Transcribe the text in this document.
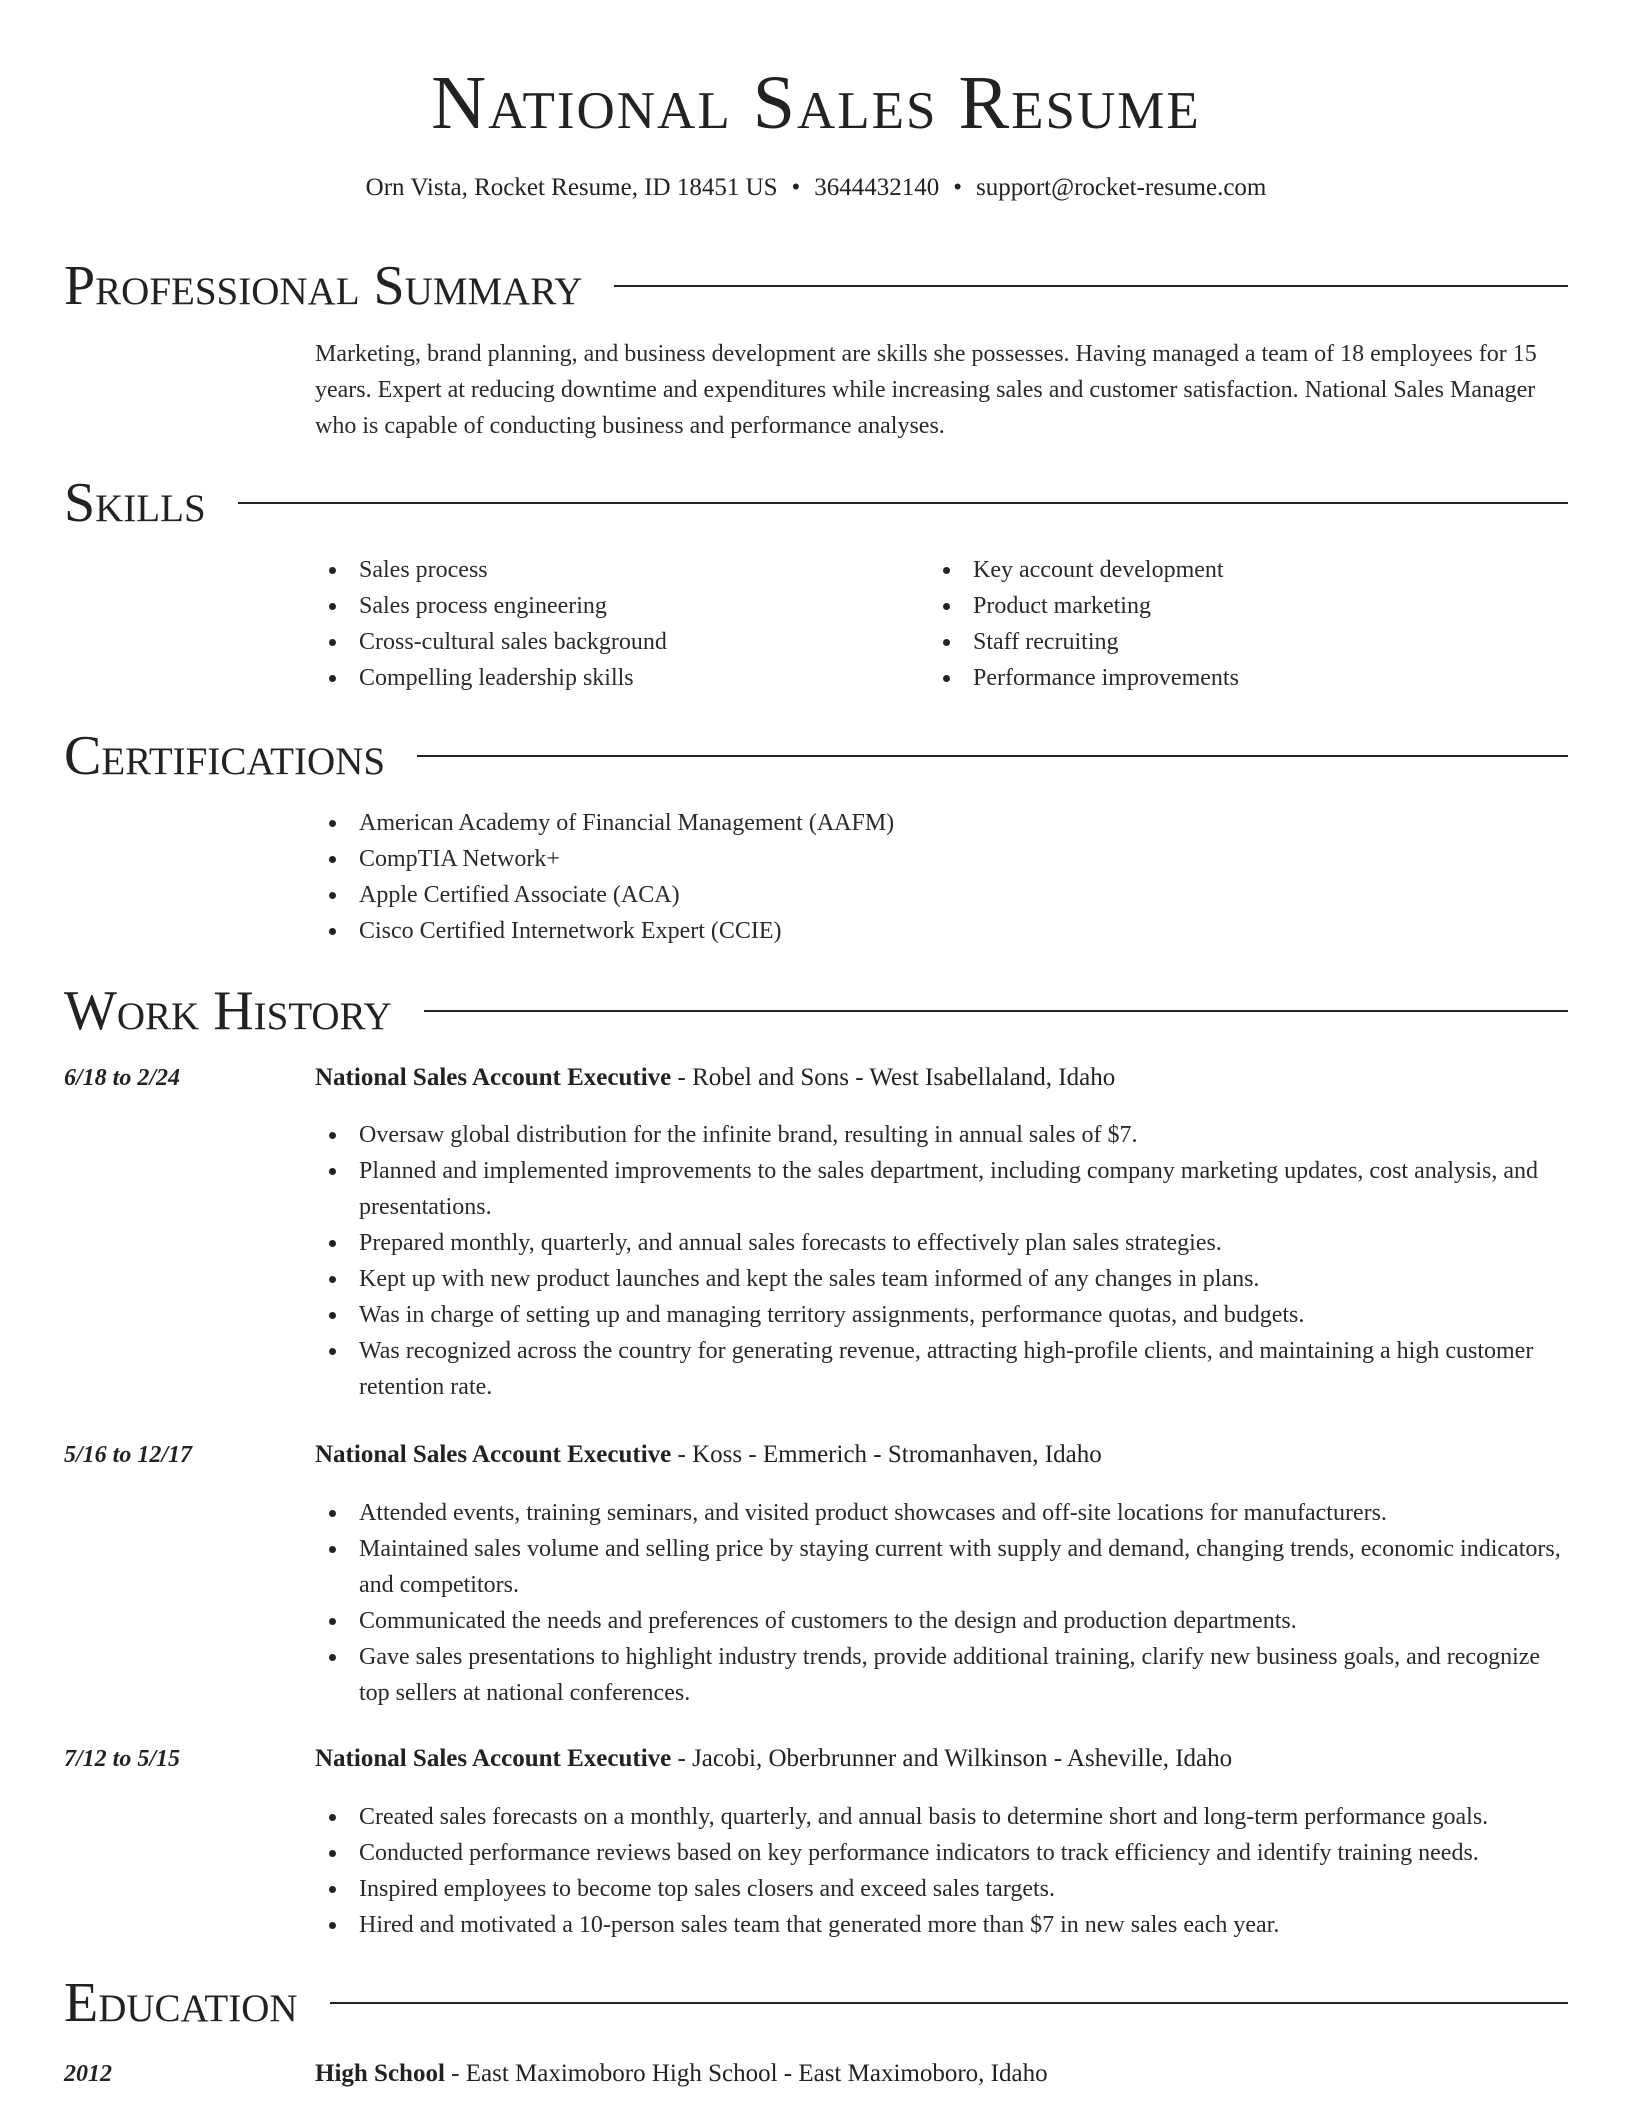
National Sales Resume
Orn Vista, Rocket Resume, ID 18451 US • 3644432140 • support@rocket-resume.com
Professional Summary
Marketing, brand planning, and business development are skills she possesses. Having managed a team of 18 employees for 15 years. Expert at reducing downtime and expenditures while increasing sales and customer satisfaction. National Sales Manager who is capable of conducting business and performance analyses.
Skills
Sales process
Sales process engineering
Cross-cultural sales background
Compelling leadership skills
Key account development
Product marketing
Staff recruiting
Performance improvements
Certifications
American Academy of Financial Management (AAFM)
CompTIA Network+
Apple Certified Associate (ACA)
Cisco Certified Internetwork Expert (CCIE)
Work History
6/18 to 2/24	National Sales Account Executive - Robel and Sons - West Isabellaland, Idaho
Oversaw global distribution for the infinite brand, resulting in annual sales of $7.
Planned and implemented improvements to the sales department, including company marketing updates, cost analysis, and presentations.
Prepared monthly, quarterly, and annual sales forecasts to effectively plan sales strategies.
Kept up with new product launches and kept the sales team informed of any changes in plans.
Was in charge of setting up and managing territory assignments, performance quotas, and budgets.
Was recognized across the country for generating revenue, attracting high-profile clients, and maintaining a high customer retention rate.
5/16 to 12/17	National Sales Account Executive - Koss - Emmerich - Stromanhaven, Idaho
Attended events, training seminars, and visited product showcases and off-site locations for manufacturers.
Maintained sales volume and selling price by staying current with supply and demand, changing trends, economic indicators, and competitors.
Communicated the needs and preferences of customers to the design and production departments.
Gave sales presentations to highlight industry trends, provide additional training, clarify new business goals, and recognize top sellers at national conferences.
7/12 to 5/15	National Sales Account Executive - Jacobi, Oberbrunner and Wilkinson - Asheville, Idaho
Created sales forecasts on a monthly, quarterly, and annual basis to determine short and long-term performance goals.
Conducted performance reviews based on key performance indicators to track efficiency and identify training needs.
Inspired employees to become top sales closers and exceed sales targets.
Hired and motivated a 10-person sales team that generated more than $7 in new sales each year.
Education
2012	High School - East Maximoboro High School - East Maximoboro, Idaho
